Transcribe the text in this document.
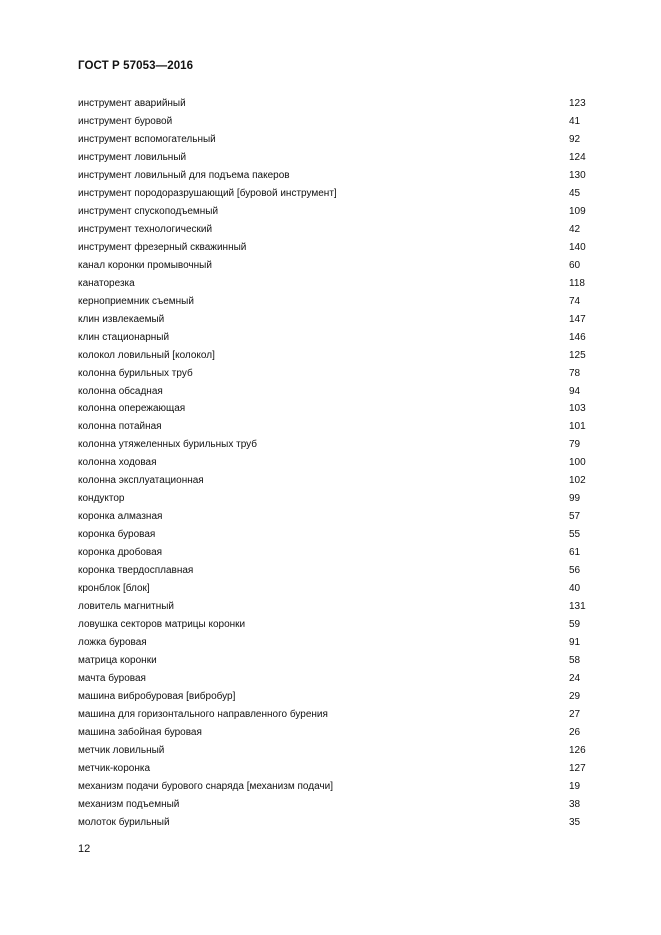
ГОСТ Р 57053—2016
инструмент аварийный	123
инструмент буровой	41
инструмент вспомогательный	92
инструмент ловильный	124
инструмент ловильный для подъема пакеров	130
инструмент породоразрушающий [буровой инструмент]	45
инструмент спускоподъемный	109
инструмент технологический	42
инструмент фрезерный скважинный	140
канал коронки промывочный	60
канаторезка	118
керноприемник съемный	74
клин извлекаемый	147
клин стационарный	146
колокол ловильный [колокол]	125
колонна бурильных труб	78
колонна обсадная	94
колонна опережающая	103
колонна потайная	101
колонна утяжеленных бурильных труб	79
колонна ходовая	100
колонна эксплуатационная	102
кондуктор	99
коронка алмазная	57
коронка буровая	55
коронка дробовая	61
коронка твердосплавная	56
кронблок [блок]	40
ловитель магнитный	131
ловушка секторов матрицы коронки	59
ложка буровая	91
матрица коронки	58
мачта буровая	24
машина вибробуровая [вибробур]	29
машина для горизонтального направленного бурения	27
машина забойная буровая	26
метчик ловильный	126
метчик-коронка	127
механизм подачи бурового снаряда [механизм подачи]	19
механизм подъемный	38
молоток бурильный	35
12
